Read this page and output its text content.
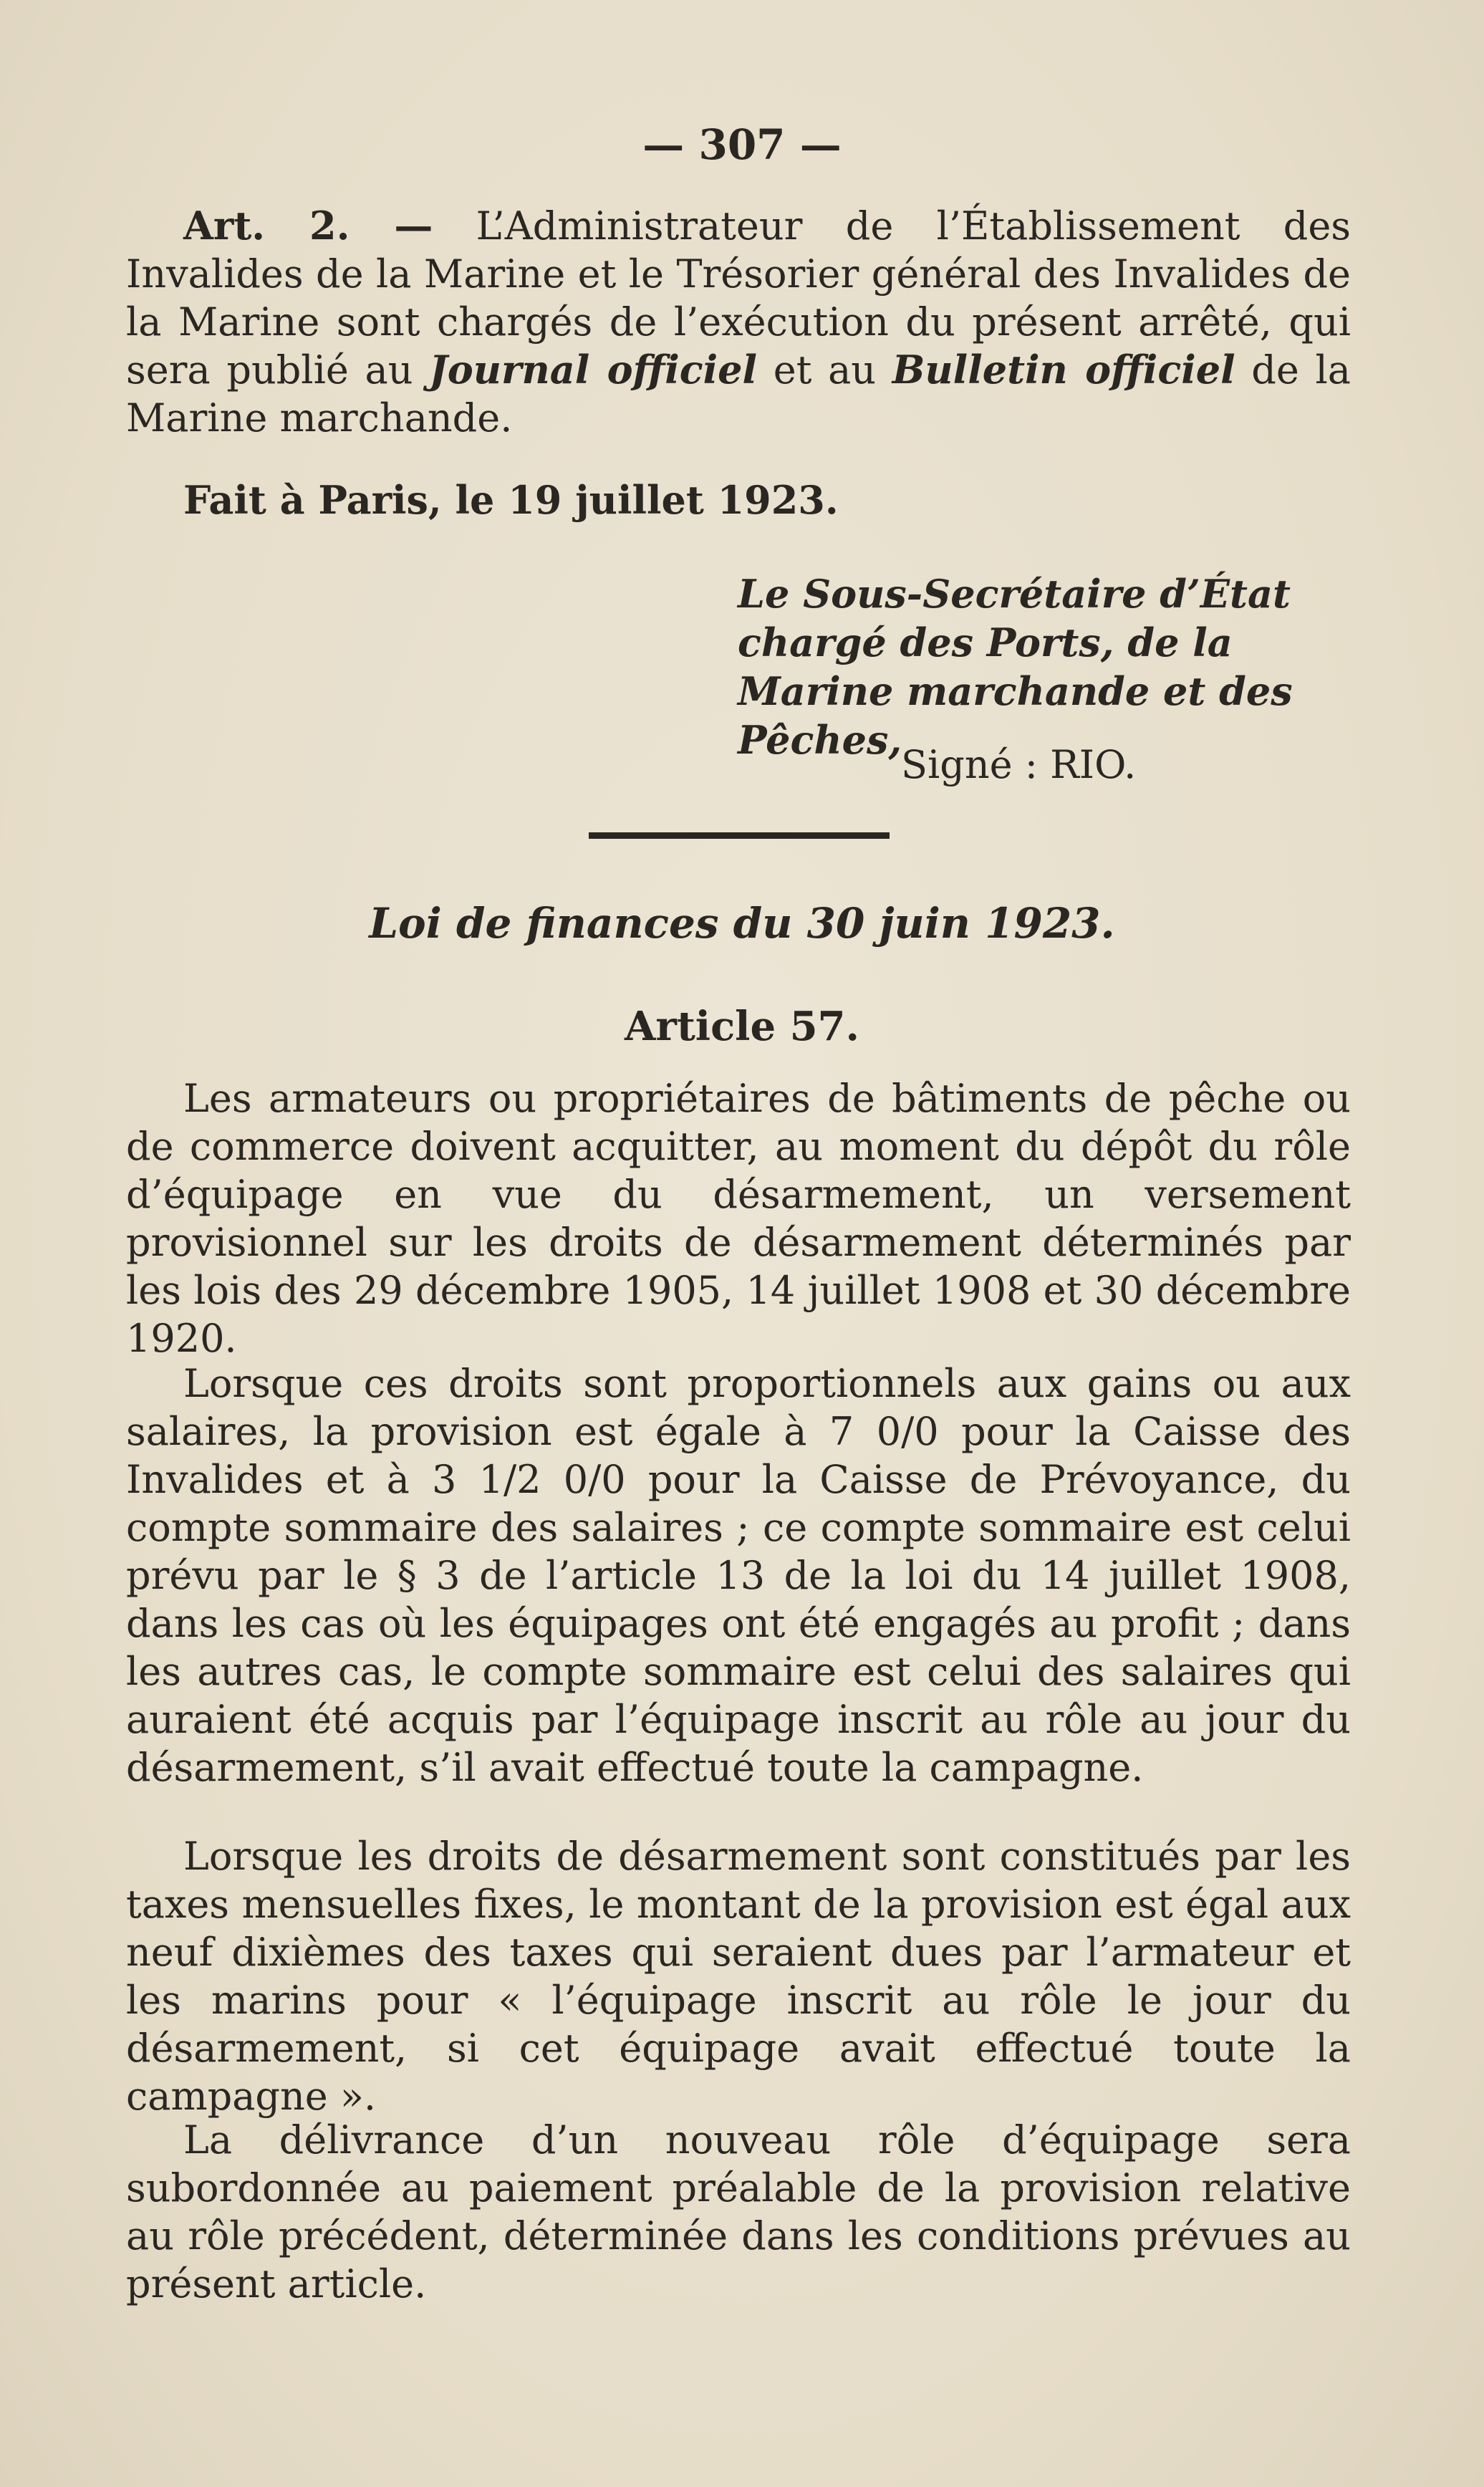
— 307 —

Art. 2. — L’Administrateur de l’Établissement des Invalides de la Marine et le Trésorier général des Invalides de la Marine sont chargés de l’exécution du présent arrêté, qui sera publié au Journal officiel et au Bulletin officiel de la Marine marchande.

Fait à Paris, le 19 juillet 1923.
Le Sous-Secrétaire d’État chargé des Ports, de la Marine marchande et des Pêches,
Signé : RIO.
Loi de finances du 30 juin 1923.
Article 57.

Les armateurs ou propriétaires de bâtiments de pêche ou de commerce doivent acquitter, au moment du dépôt du rôle d’équipage en vue du désarmement, un versement provisionnel sur les droits de désarmement déterminés par les lois des 29 décembre 1905, 14 juillet 1908 et 30 décembre 1920.

Lorsque ces droits sont proportionnels aux gains ou aux salaires, la provision est égale à 7 0/0 pour la Caisse des Invalides et à 3 1/2 0/0 pour la Caisse de Prévoyance, du compte sommaire des salaires ; ce compte sommaire est celui prévu par le § 3 de l’article 13 de la loi du 14 juillet 1908, dans les cas où les équipages ont été engagés au profit ; dans les autres cas, le compte sommaire est celui des salaires qui auraient été acquis par l’équipage inscrit au rôle au jour du désarmement, s’il avait effectué toute la campagne.

Lorsque les droits de désarmement sont constitués par les taxes mensuelles fixes, le montant de la provision est égal aux neuf dixièmes des taxes qui seraient dues par l’armateur et les marins pour « l’équipage inscrit au rôle le jour du désarmement, si cet équipage avait effectué toute la campagne ».

La délivrance d’un nouveau rôle d’équipage sera subordonnée au paiement préalable de la provision relative au rôle précédent, déterminée dans les conditions prévues au présent article.
